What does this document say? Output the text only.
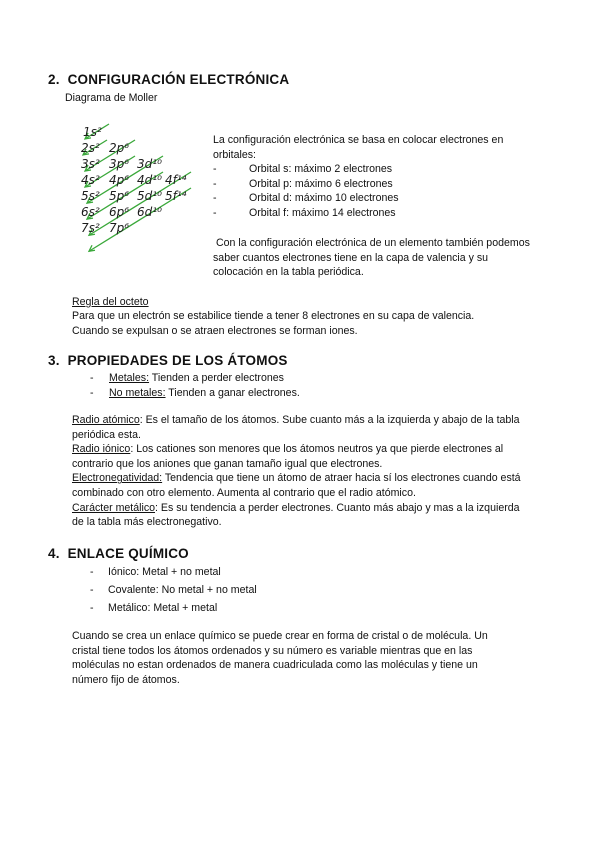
2. CONFIGURACIÓN ELECTRÓNICA
Diagrama de Moller
1s²
2s² 2p⁶
3s² 3p⁶ 3d¹⁰
4s² 4p⁶ 4d¹⁰ 4f¹⁴
5s² 5p⁶ 5d¹⁰ 5f¹⁴
6s² 6p⁶ 6d¹⁰
7s² 7p⁶
La configuración electrónica se basa en colocar electrones en orbitales:
-	Orbital s: máximo 2 electrones
-	Orbital p: máximo 6 electrones
-	Orbital d: máximo 10 electrones
-	Orbital f: máximo 14 electrones
Con la configuración electrónica de un elemento también podemos saber cuantos electrones tiene en la capa de valencia y su colocación en la tabla periódica.
Regla del octeto
Para que un electrón se estabilice tiende a tener 8 electrones en su capa de valencia. Cuando se expulsan o se atraen electrones se forman iones.
3. PROPIEDADES DE LOS ÁTOMOS
-	Metales: Tienden a perder electrones
-	No metales: Tienden a ganar electrones.
Radio atómico: Es el tamaño de los átomos. Sube cuanto más a la izquierda y abajo de la tabla periódica esta.
Radio iónico: Los cationes son menores que los átomos neutros ya que pierde electrones al contrario que los aniones que ganan tamaño igual que electrones.
Electronegatividad: Tendencia que tiene un átomo de atraer hacia sí los electrones cuando está combinado con otro elemento. Aumenta al contrario que el radio atómico.
Carácter metálico: Es su tendencia a perder electrones. Cuanto más abajo y mas a la izquierda de la tabla más electronegativo.
4. ENLACE QUÍMICO
-	Iónico: Metal + no metal
-	Covalente: No metal + no metal
-	Metálico: Metal + metal
Cuando se crea un enlace químico se puede crear en forma de cristal o de molécula. Un cristal tiene todos los átomos ordenados y su número es variable mientras que en las moléculas no estan ordenados de manera cuadriculada como las moléculas y tiene un número fijo de átomos.
